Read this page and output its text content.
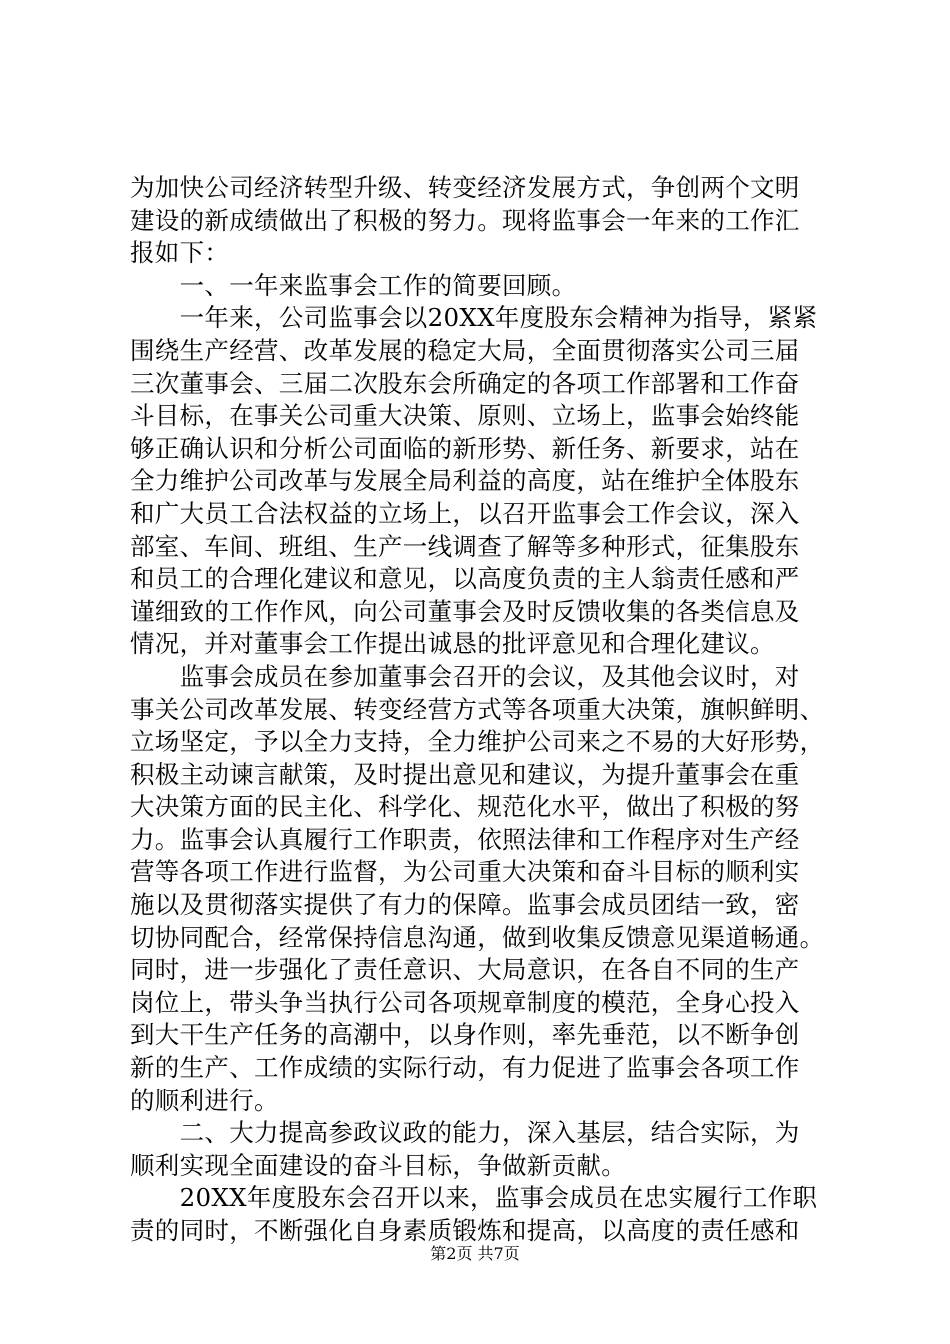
为加快公司经济转型升级、转变经济发展方式，争创两个文明
建设的新成绩做出了积极的努力。现将监事会一年来的工作汇
报如下：
　　一、一年来监事会工作的简要回顾。
　　一年来，公司监事会以20XX年度股东会精神为指导，紧紧
围绕生产经营、改革发展的稳定大局，全面贯彻落实公司三届
三次董事会、三届二次股东会所确定的各项工作部署和工作奋
斗目标，在事关公司重大决策、原则、立场上，监事会始终能
够正确认识和分析公司面临的新形势、新任务、新要求，站在
全力维护公司改革与发展全局利益的高度，站在维护全体股东
和广大员工合法权益的立场上，以召开监事会工作会议，深入
部室、车间、班组、生产一线调查了解等多种形式，征集股东
和员工的合理化建议和意见，以高度负责的主人翁责任感和严
谨细致的工作作风，向公司董事会及时反馈收集的各类信息及
情况，并对董事会工作提出诚恳的批评意见和合理化建议。
　　监事会成员在参加董事会召开的会议，及其他会议时，对
事关公司改革发展、转变经营方式等各项重大决策，旗帜鲜明、
立场坚定，予以全力支持，全力维护公司来之不易的大好形势，
积极主动谏言献策，及时提出意见和建议，为提升董事会在重
大决策方面的民主化、科学化、规范化水平，做出了积极的努
力。监事会认真履行工作职责，依照法律和工作程序对生产经
营等各项工作进行监督，为公司重大决策和奋斗目标的顺利实
施以及贯彻落实提供了有力的保障。监事会成员团结一致，密
切协同配合，经常保持信息沟通，做到收集反馈意见渠道畅通。
同时，进一步强化了责任意识、大局意识，在各自不同的生产
岗位上，带头争当执行公司各项规章制度的模范，全身心投入
到大干生产任务的高潮中，以身作则，率先垂范，以不断争创
新的生产、工作成绩的实际行动，有力促进了监事会各项工作
的顺利进行。
　　二、大力提高参政议政的能力，深入基层，结合实际，为
顺利实现全面建设的奋斗目标，争做新贡献。
　　20XX年度股东会召开以来，监事会成员在忠实履行工作职
责的同时，不断强化自身素质锻炼和提高，以高度的责任感和
第2页 共7页
